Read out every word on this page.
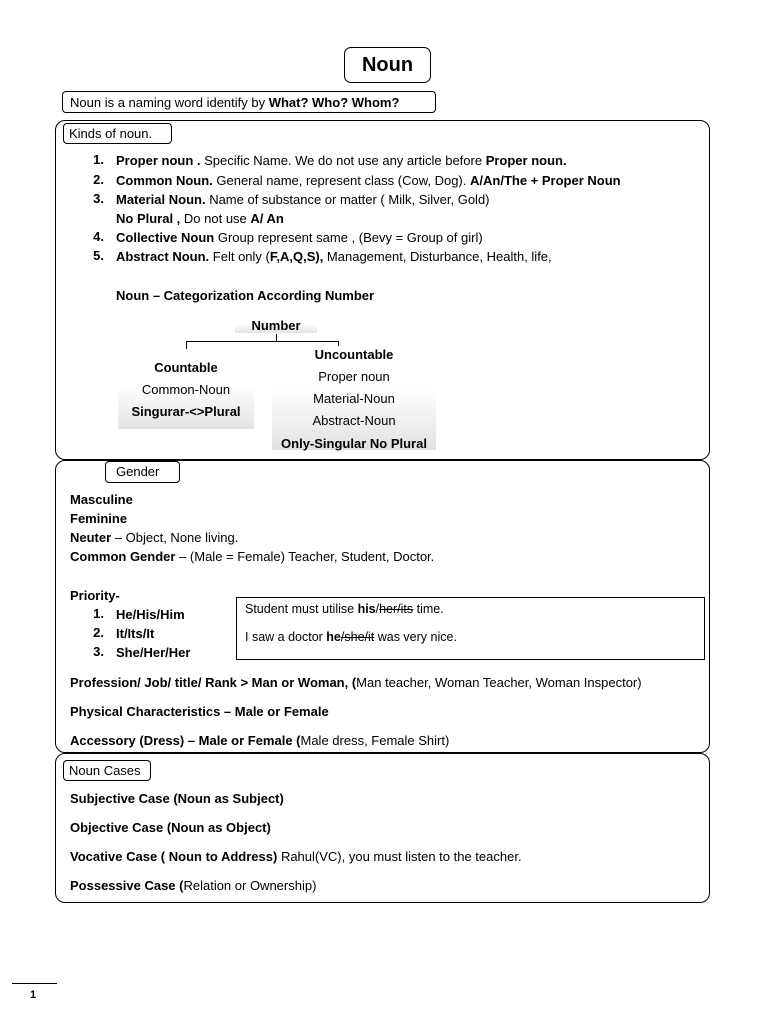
Noun
Noun is a naming word identify by What? Who? Whom?
Kinds of noun.
1. Proper noun . Specific Name. We do not use any article before Proper noun.
2. Common Noun. General name, represent class (Cow, Dog). A/An/The + Proper Noun
3. Material Noun. Name of substance or matter ( Milk, Silver, Gold)
No Plural , Do not use A/ An
4. Collective Noun Group represent same , (Bevy = Group of girl)
5. Abstract Noun. Felt only (F,A,Q,S), Management, Disturbance, Health, life,
Noun – Categorization According Number
Number
Countable
Common-Noun
Singurar-<>Plural
Uncountable
Proper noun
Material-Noun
Abstract-Noun
Only-Singular No Plural
Gender
Masculine
Feminine
Neuter – Object, None living.
Common Gender – (Male = Female) Teacher, Student, Doctor.
Priority-
1. He/His/Him
2. It/Its/It
3. She/Her/Her
Student must utilise his/her/its time.
I saw a doctor he/she/it was very nice.
Profession/ Job/ title/ Rank > Man or Woman, (Man teacher, Woman Teacher, Woman Inspector)
Physical Characteristics – Male or Female
Accessory (Dress) – Male or Female (Male dress, Female Shirt)
Noun Cases
Subjective Case (Noun as Subject)
Objective Case (Noun as Object)
Vocative Case ( Noun to Address) Rahul(VC), you must listen to the teacher.
Possessive Case (Relation or Ownership)
1
